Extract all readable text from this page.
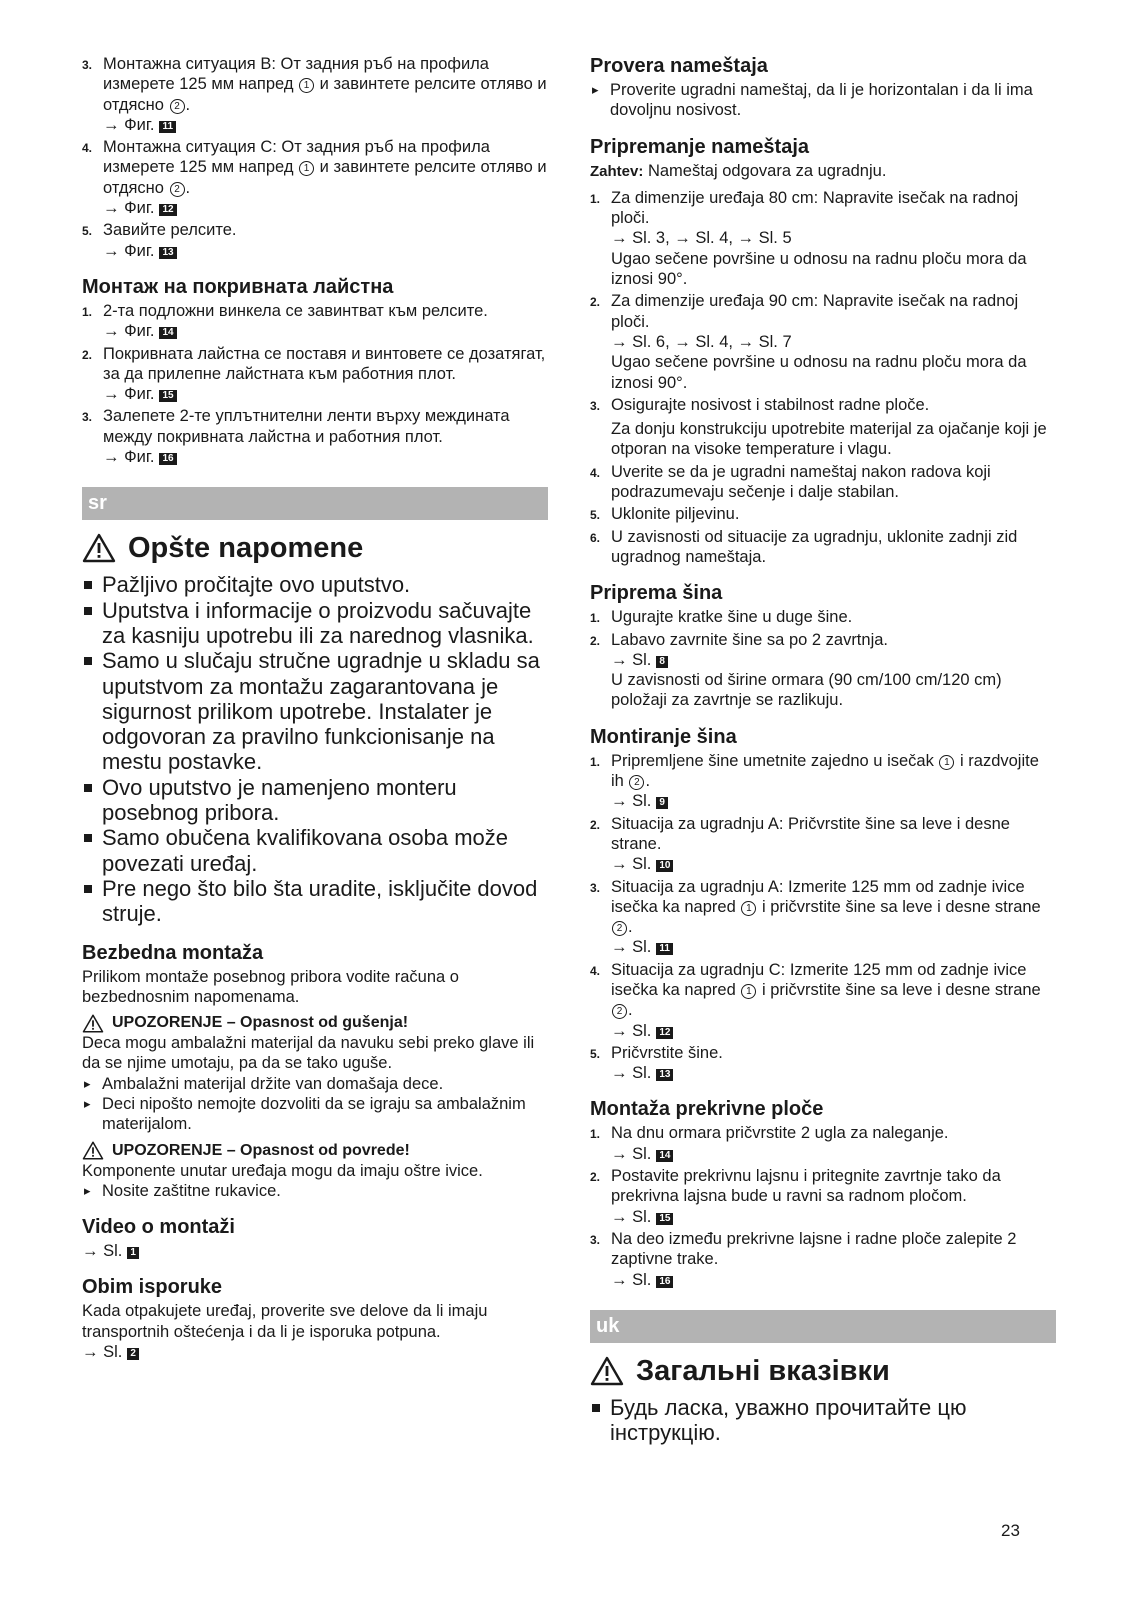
3. Монтажна ситуация B: От задния ръб на профила измерете 125 мм напред 1 и завинтете релсите отляво и отдясно 2 .
→ Фиг. 11
4. Монтажна ситуация C: От задния ръб на профила измерете 125 мм напред 1 и завинтете релсите отляво и отдясно 2 .
→ Фиг. 12
5. Завийте релсите.
→ Фиг. 13
Монтаж на покривната лайстна
1. 2-та подложни винкела се завинтват към релсите.
→ Фиг. 14
2. Покривната лайстна се поставя и винтовете се дозатягат, за да прилепне лайстната към работния плот.
→ Фиг. 15
3. Залепете 2-те уплътнителни ленти върху междината между покривната лайстна и работния плот.
→ Фиг. 16
sr
Opšte napomene
Pažljivo pročitajte ovo uputstvo.
Uputstva i informacije o proizvodu sačuvajte za kasniju upotrebu ili za narednog vlasnika.
Samo u slučaju stručne ugradnje u skladu sa uputstvom za montažu zagarantovana je sigurnost prilikom upotrebe. Instalater je odgovoran za pravilno funkcionisanje na mestu postavke.
Ovo uputstvo je namenjeno monteru posebnog pribora.
Samo obučena kvalifikovana osoba može povezati uređaj.
Pre nego što bilo šta uradite, isključite dovod struje.
Bezbedna montaža

Prilikom montaže posebnog pribora vodite računa o bezbednosnim napomenama.

UPOZORENJE – Opasnost od gušenja!

Deca mogu ambalažni materijal da navuku sebi preko glave ili da se njime umotaju, pa da se tako uguše.

▸ Ambalažni materijal držite van domašaja dece.
▸ Deci nipošto nemojte dozvoliti da se igraju sa ambalažnim materijalom.
UPOZORENJE – Opasnost od povrede!

Komponente unutar uređaja mogu da imaju oštre ivice.

▸ Nosite zaštitne rukavice.
Video o montaži

→ Sl. 1

Obim isporuke

Kada otpakujete uređaj, proverite sve delove da li imaju transportnih oštećenja i da li je isporuka potpuna.

→ Sl. 2

Provera nameštaja
▸ Proverite ugradni nameštaj, da li je horizontalan i da li ima dovoljnu nosivost.
Pripremanje nameštaja

Zahtev: Nameštaj odgovara za ugradnju.

1. Za dimenzije uređaja 80 cm: Napravite isečak na radnoj ploči.
→ Sl. 3, → Sl. 4, → Sl. 5
Ugao sečene površine u odnosu na radnu ploču mora da iznosi 90°.
2. Za dimenzije uređaja 90 cm: Napravite isečak na radnoj ploči.
→ Sl. 6, → Sl. 4, → Sl. 7
Ugao sečene površine u odnosu na radnu ploču mora da iznosi 90°.
3. Osigurajte nosivost i stabilnost radne ploče.
Za donju konstrukciju upotrebite materijal za ojačanje koji je otporan na visoke temperature i vlagu.
4. Uverite se da je ugradni nameštaj nakon radova koji podrazumevaju sečenje i dalje stabilan.
5. Uklonite piljevinu.
6. U zavisnosti od situacije za ugradnju, uklonite zadnji zid ugradnog nameštaja.
Priprema šina
1. Ugurajte kratke šine u duge šine.
2. Labavo zavrnite šine sa po 2 zavrtnja.
→ Sl. 8
U zavisnosti od širine ormara (90 cm/100 cm/120 cm) položaji za zavrtnje se razlikuju.
Montiranje šina
1. Pripremljene šine umetnite zajedno u isečak 1 i razdvojite ih 2 .
→ Sl. 9
2. Situacija za ugradnju A: Pričvrstite šine sa leve i desne strane.
→ Sl. 10
3. Situacija za ugradnju A: Izmerite 125 mm od zadnje ivice isečka ka napred 1 i pričvrstite šine sa leve i desne strane 2 .
→ Sl. 11
4. Situacija za ugradnju C: Izmerite 125 mm od zadnje ivice isečka ka napred 1 i pričvrstite šine sa leve i desne strane 2 .
→ Sl. 12
5. Pričvrstite šine.
→ Sl. 13
Montaža prekrivne ploče
1. Na dnu ormara pričvrstite 2 ugla za naleganje.
→ Sl. 14
2. Postavite prekrivnu lajsnu i pritegnite zavrtnje tako da prekrivna lajsna bude u ravni sa radnom pločom.
→ Sl. 15
3. Na deo između prekrivne lajsne i radne ploče zalepite 2 zaptivne trake.
→ Sl. 16
uk
Загальні вказівки
Будь ласка, уважно прочитайте цю інструкцію.
23
